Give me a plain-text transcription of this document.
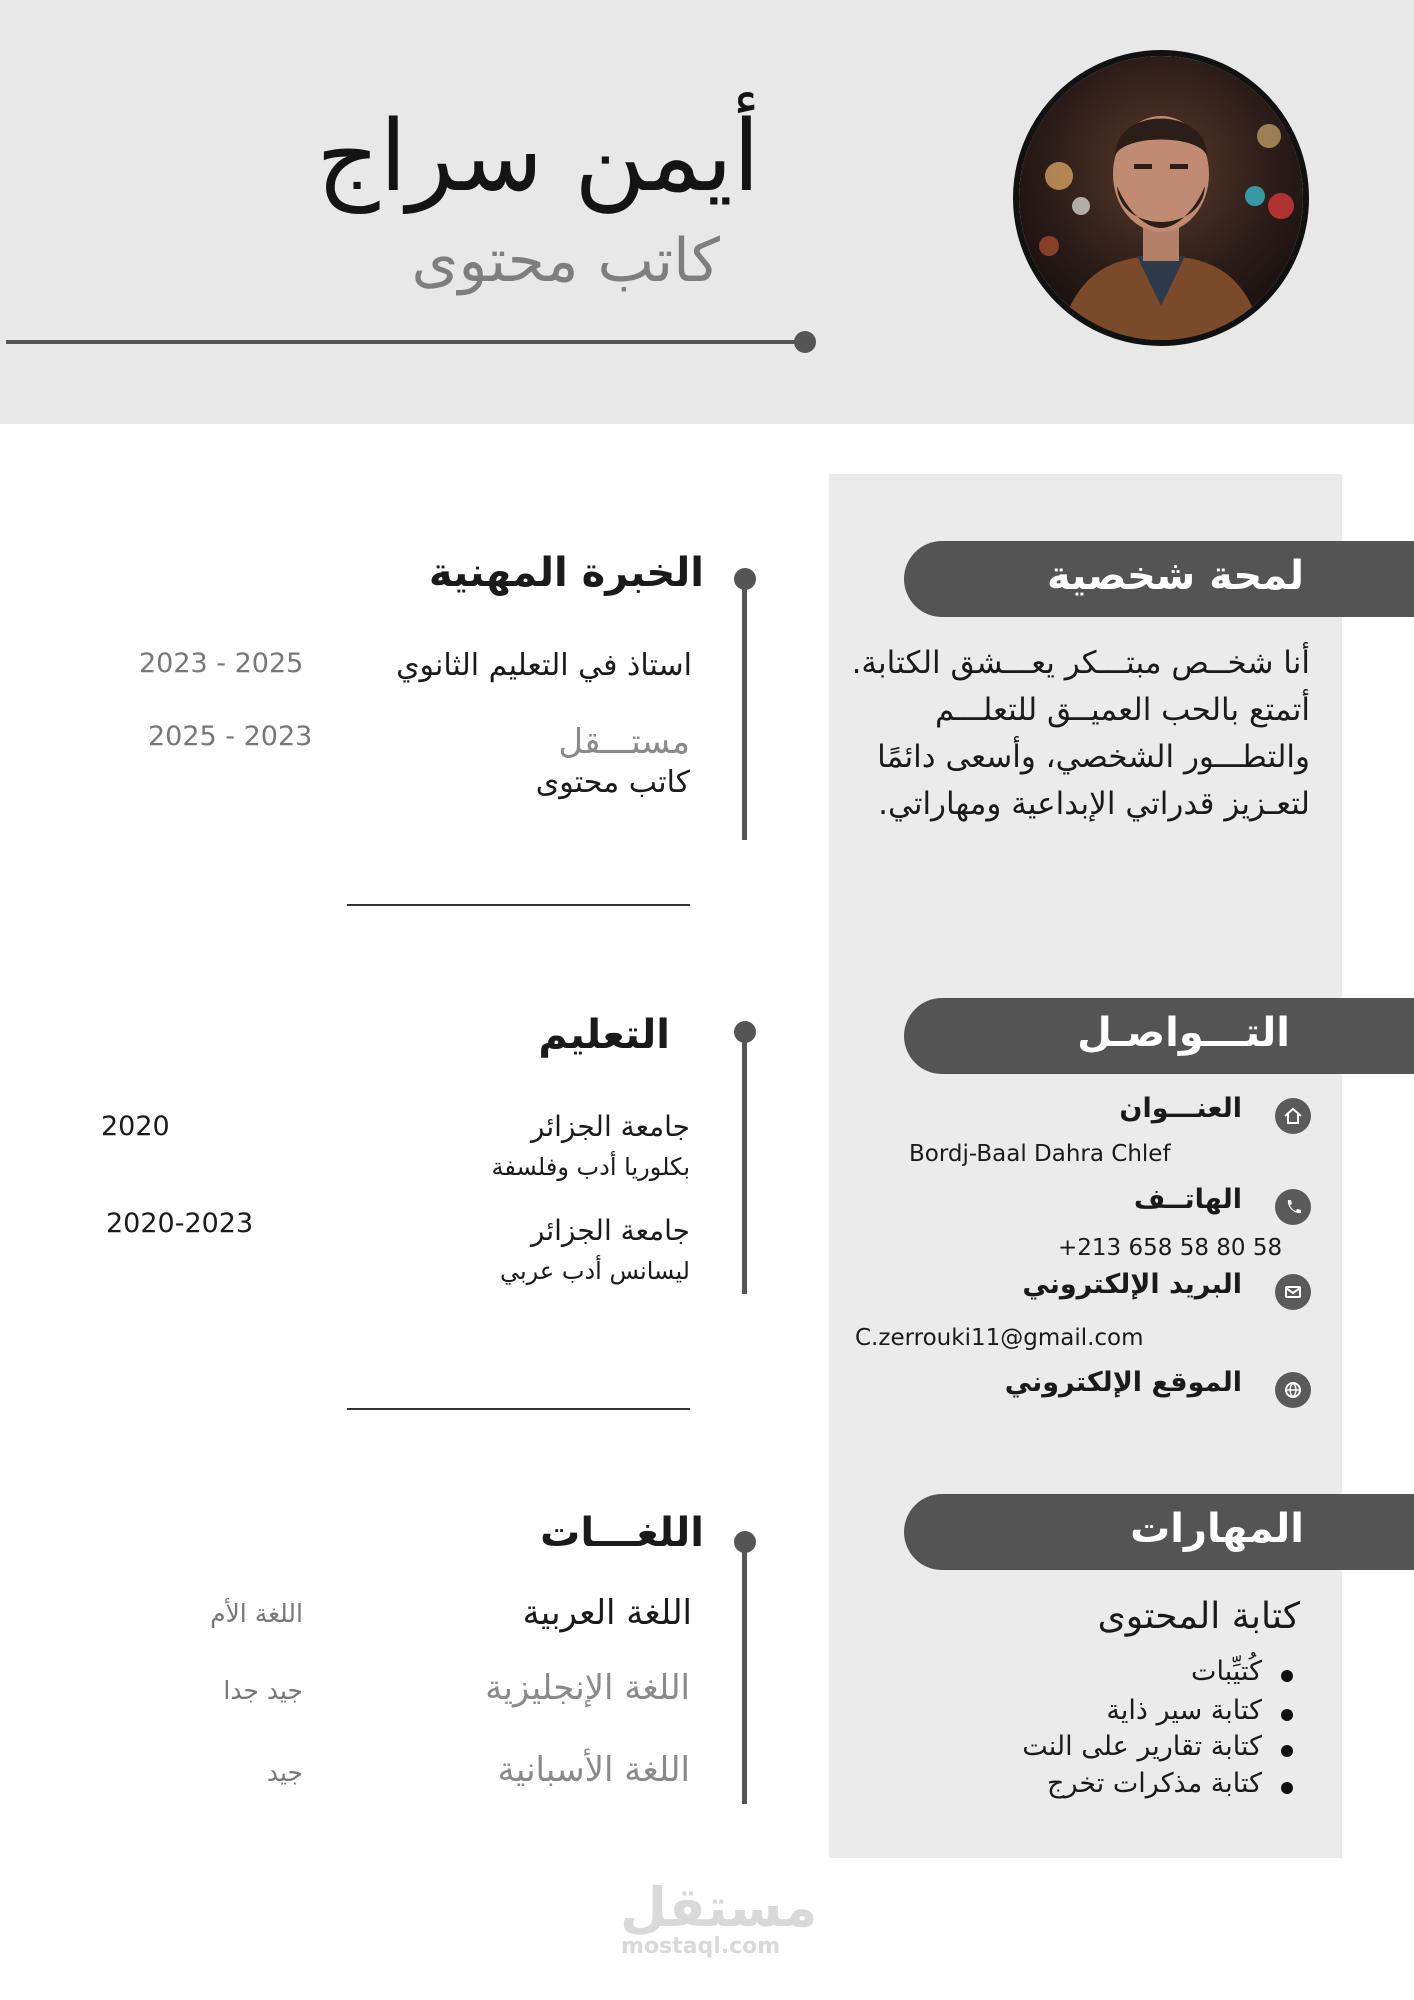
أيمن سراج
كاتب محتوى
لمحة شخصية
أنا شخــص مبتـــكر يعـــشق الكتابة. أتمتع بالحب العميــق للتعلـــم والتطـــور الشخصي، وأسعى دائمًا لتعـزيز قدراتي الإبداعية ومهاراتي.
التـــواصـل
العنـــوان
Bordj-Baal Dahra Chlef
الهاتــف
+213 658 58 80 58
البريد الإلكتروني
C.zerrouki11@gmail.com
الموقع الإلكتروني
المهارات
كتابة المحتوى
كُتيِّبات
كتابة سير ذاية
كتابة تقارير على النت
كتابة مذكرات تخرج
الخبرة المهنية
استاذ في التعليم الثانوي
2023 - 2025
مستـــقل
كاتب محتوى
2025 - 2023
التعليم
جامعة الجزائر
بكلوريا أدب وفلسفة
2020
جامعة الجزائر
ليسانس أدب عربي
2020-2023
اللغـــات
اللغة العربية
اللغة الأم
اللغة الإنجليزية
جيد جدا
اللغة الأسبانية
جيد
مستقل
mostaql.com
